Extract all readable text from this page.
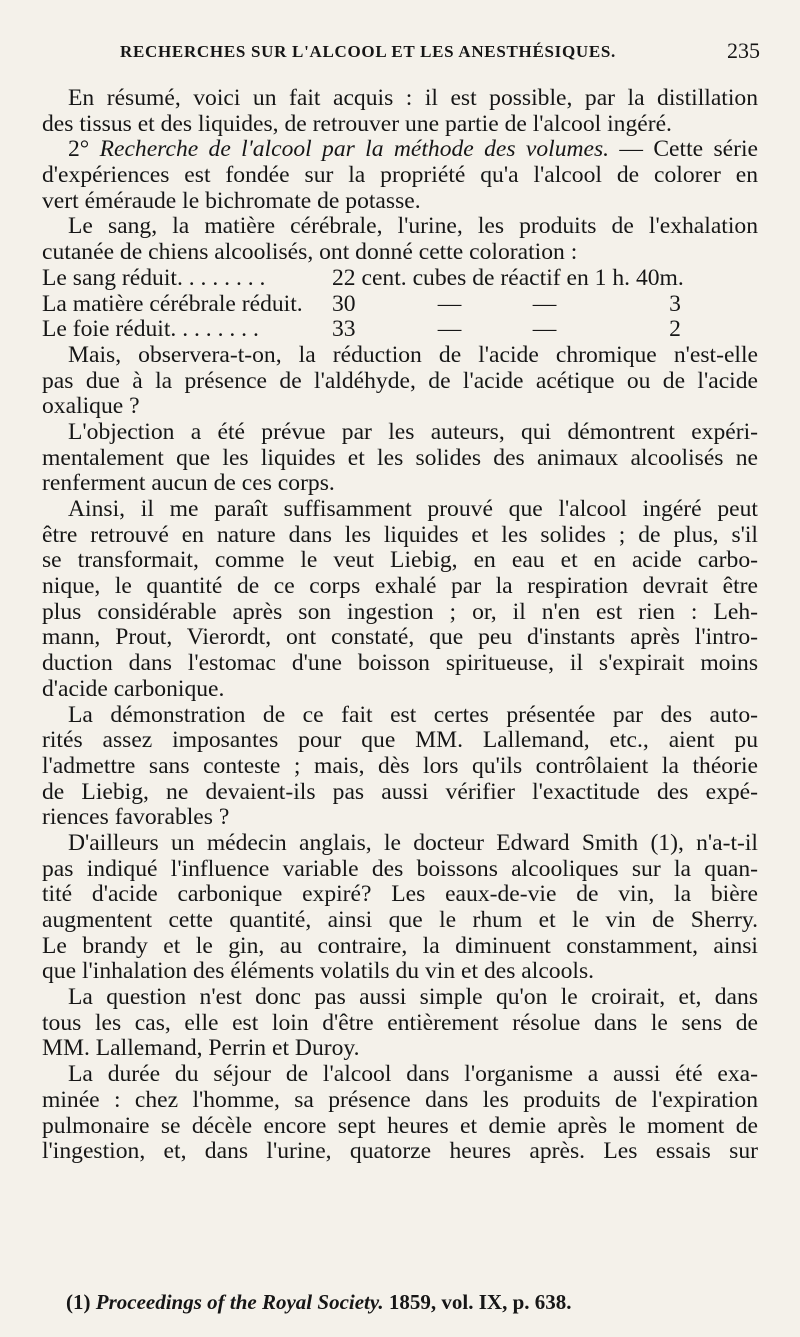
RECHERCHES SUR L'ALCOOL ET LES ANESTHÉSIQUES.	235
En résumé, voici un fait acquis : il est possible, par la distillation
des tissus et des liquides, de retrouver une partie de l'alcool ingéré.
2° Recherche de l'alcool par la méthode des volumes. — Cette série
d'expériences est fondée sur la propriété qu'a l'alcool de colorer en
vert éméraude le bichromate de potasse.
Le sang, la matière cérébrale, l'urine, les produits de l'exhalation
cutanée de chiens alcoolisés, ont donné cette coloration :
Le sang réduit. . . . . . . .	22 cent. cubes de réactif en 1 h. 40m.
La matière cérébrale réduit.	30	—	—	3
Le foie réduit. . . . . . . .	33	—	—	2
Mais, observera-t-on, la réduction de l'acide chromique n'est-elle
pas due à la présence de l'aldéhyde, de l'acide acétique ou de l'acide
oxalique ?
L'objection a été prévue par les auteurs, qui démontrent expéri-
mentalement que les liquides et les solides des animaux alcoolisés ne
renferment aucun de ces corps.
Ainsi, il me paraît suffisamment prouvé que l'alcool ingéré peut
être retrouvé en nature dans les liquides et les solides ; de plus, s'il
se transformait, comme le veut Liebig, en eau et en acide carbo-
nique, le quantité de ce corps exhalé par la respiration devrait être
plus considérable après son ingestion ; or, il n'en est rien : Leh-
mann, Prout, Vierordt, ont constaté, que peu d'instants après l'intro-
duction dans l'estomac d'une boisson spiritueuse, il s'expirait moins
d'acide carbonique.
La démonstration de ce fait est certes présentée par des auto-
rités assez imposantes pour que MM. Lallemand, etc., aient pu
l'admettre sans conteste ; mais, dès lors qu'ils contrôlaient la théorie
de Liebig, ne devaient-ils pas aussi vérifier l'exactitude des expé-
riences favorables ?
D'ailleurs un médecin anglais, le docteur Edward Smith (1), n'a-t-il
pas indiqué l'influence variable des boissons alcooliques sur la quan-
tité d'acide carbonique expiré? Les eaux-de-vie de vin, la bière
augmentent cette quantité, ainsi que le rhum et le vin de Sherry.
Le brandy et le gin, au contraire, la diminuent constamment, ainsi
que l'inhalation des éléments volatils du vin et des alcools.
La question n'est donc pas aussi simple qu'on le croirait, et, dans
tous les cas, elle est loin d'être entièrement résolue dans le sens de
MM. Lallemand, Perrin et Duroy.
La durée du séjour de l'alcool dans l'organisme a aussi été exa-
minée : chez l'homme, sa présence dans les produits de l'expiration
pulmonaire se décèle encore sept heures et demie après le moment de
l'ingestion, et, dans l'urine, quatorze heures après. Les essais sur
(1) Proceedings of the Royal Society. 1859, vol. IX, p. 638.
